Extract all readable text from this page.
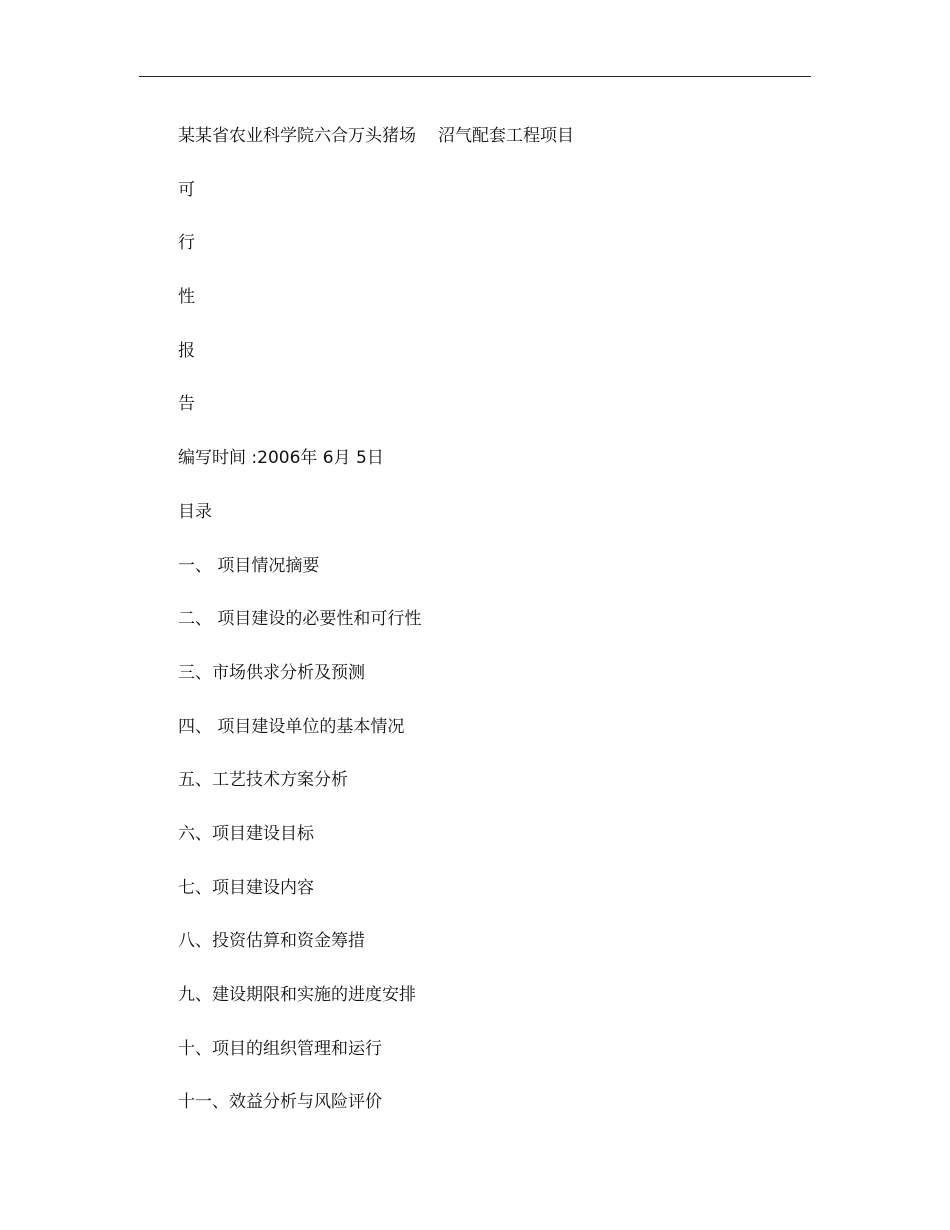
某某省农业科学院六合万头猪场 沼气配套工程项目
可
行
性
报
告
编写时间 :2006年 6月 5日
目录
一、 项目情况摘要
二、 项目建设的必要性和可行性
三、市场供求分析及预测
四、 项目建设单位的基本情况
五、工艺技术方案分析
六、项目建设目标
七、项目建设内容
八、投资估算和资金筹措
九、建设期限和实施的进度安排
十、项目的组织管理和运行
十一、效益分析与风险评价
